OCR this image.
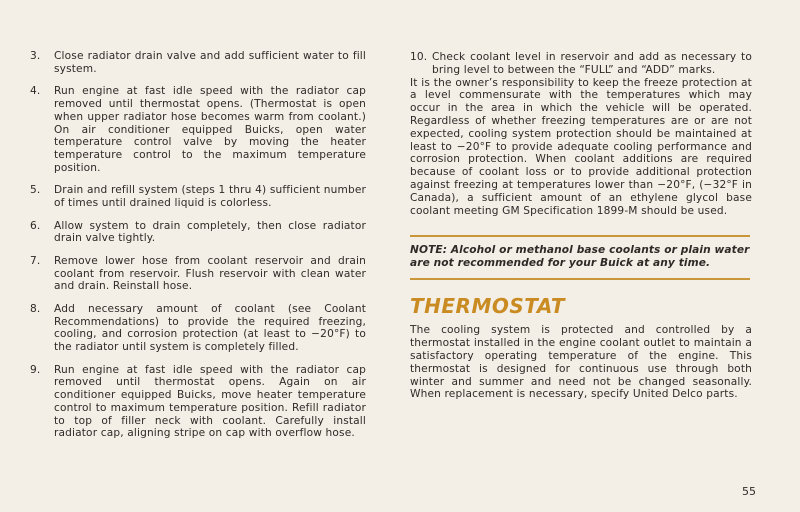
3. Close radiator drain valve and add sufficient water to fill system.
4. Run engine at fast idle speed with the radiator cap removed until thermostat opens. (Thermostat is open when upper radiator hose becomes warm from coolant.) On air conditioner equipped Buicks, open water temperature control valve by moving the heater temperature control to the maximum temperature position.
5. Drain and refill system (steps 1 thru 4) sufficient number of times until drained liquid is colorless.
6. Allow system to drain completely, then close radiator drain valve tightly.
7. Remove lower hose from coolant reservoir and drain coolant from reservoir. Flush reservoir with clean water and drain. Reinstall hose.
8. Add necessary amount of coolant (see Coolant Recommendations) to provide the required freezing, cooling, and corrosion protection (at least to −20°F) to the radiator until system is completely filled.
9. Run engine at fast idle speed with the radiator cap removed until thermostat opens. Again on air conditioner equipped Buicks, move heater temperature control to maximum temperature position. Refill radiator to top of filler neck with coolant. Carefully install radiator cap, aligning stripe on cap with overflow hose.
10. Check coolant level in reservoir and add as necessary to bring level to between the “FULL” and “ADD” marks.

It is the owner’s responsibility to keep the freeze protection at a level commensurate with the temperatures which may occur in the area in which the vehicle will be operated. Regardless of whether freezing temperatures are or are not expected, cooling system protection should be maintained at least to −20°F to provide adequate cooling performance and corrosion protection. When coolant additions are required because of coolant loss or to provide additional protection against freezing at temperatures lower than −20°F, (−32°F in Canada), a sufficient amount of an ethylene glycol base coolant meeting GM Specification 1899-M should be used.

NOTE: Alcohol or methanol base coolants or plain water are not recommended for your Buick at any time.

THERMOSTAT

The cooling system is protected and controlled by a thermostat installed in the engine coolant outlet to maintain a satisfactory operating temperature of the engine. This thermostat is designed for continuous use through both winter and summer and need not be changed seasonally. When replacement is necessary, specify United Delco parts.

55
